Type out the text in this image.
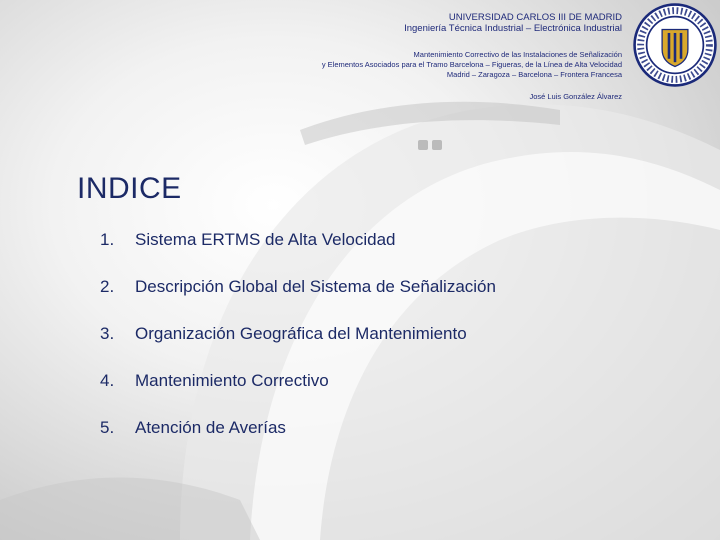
UNIVERSIDAD CARLOS III DE MADRID
Ingeniería Técnica Industrial – Electrónica Industrial
Mantenimiento Correctivo de las Instalaciones de Señalización
y Elementos Asociados para el Tramo Barcelona – Figueras, de la Línea de Alta Velocidad
Madrid – Zaragoza – Barcelona – Frontera Francesa
José Luis González Álvarez
INDICE
1.	Sistema ERTMS de Alta Velocidad
2.	Descripción Global del Sistema de Señalización
3.	Organización Geográfica del Mantenimiento
4.	Mantenimiento Correctivo
5.	Atención de Averías
